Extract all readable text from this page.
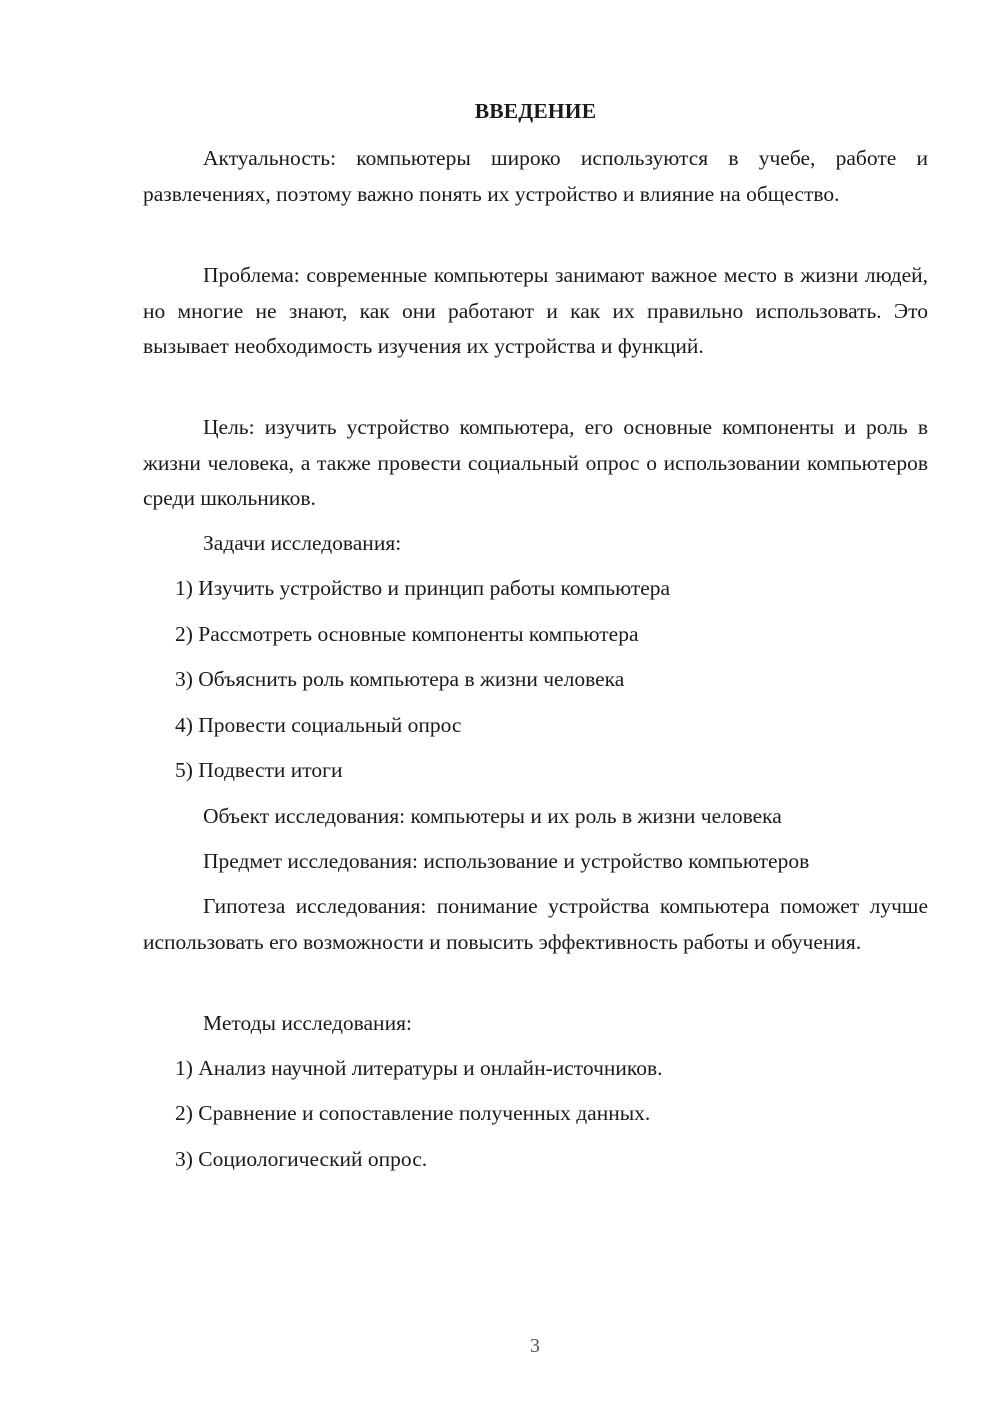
ВВЕДЕНИЕ

Актуальность: компьютеры широко используются в учебе, работе и развлечениях, поэтому важно понять их устройство и влияние на общество.

Проблема: современные компьютеры занимают важное место в жизни людей, но многие не знают, как они работают и как их правильно использовать. Это вызывает необходимость изучения их устройства и функций.

Цель: изучить устройство компьютера, его основные компоненты и роль в жизни человека, а также провести социальный опрос о использовании компьютеров среди школьников.

Задачи исследования:

1) Изучить устройство и принцип работы компьютера

2) Рассмотреть основные компоненты компьютера

3) Объяснить роль компьютера в жизни человека

4) Провести социальный опрос

5) Подвести итоги

Объект исследования: компьютеры и их роль в жизни человека

Предмет исследования: использование и устройство компьютеров

Гипотеза исследования: понимание устройства компьютера поможет лучше использовать его возможности и повысить эффективность работы и обучения.

Методы исследования:

1) Анализ научной литературы и онлайн-источников.

2) Сравнение и сопоставление полученных данных.

3) Социологический опрос.

3
